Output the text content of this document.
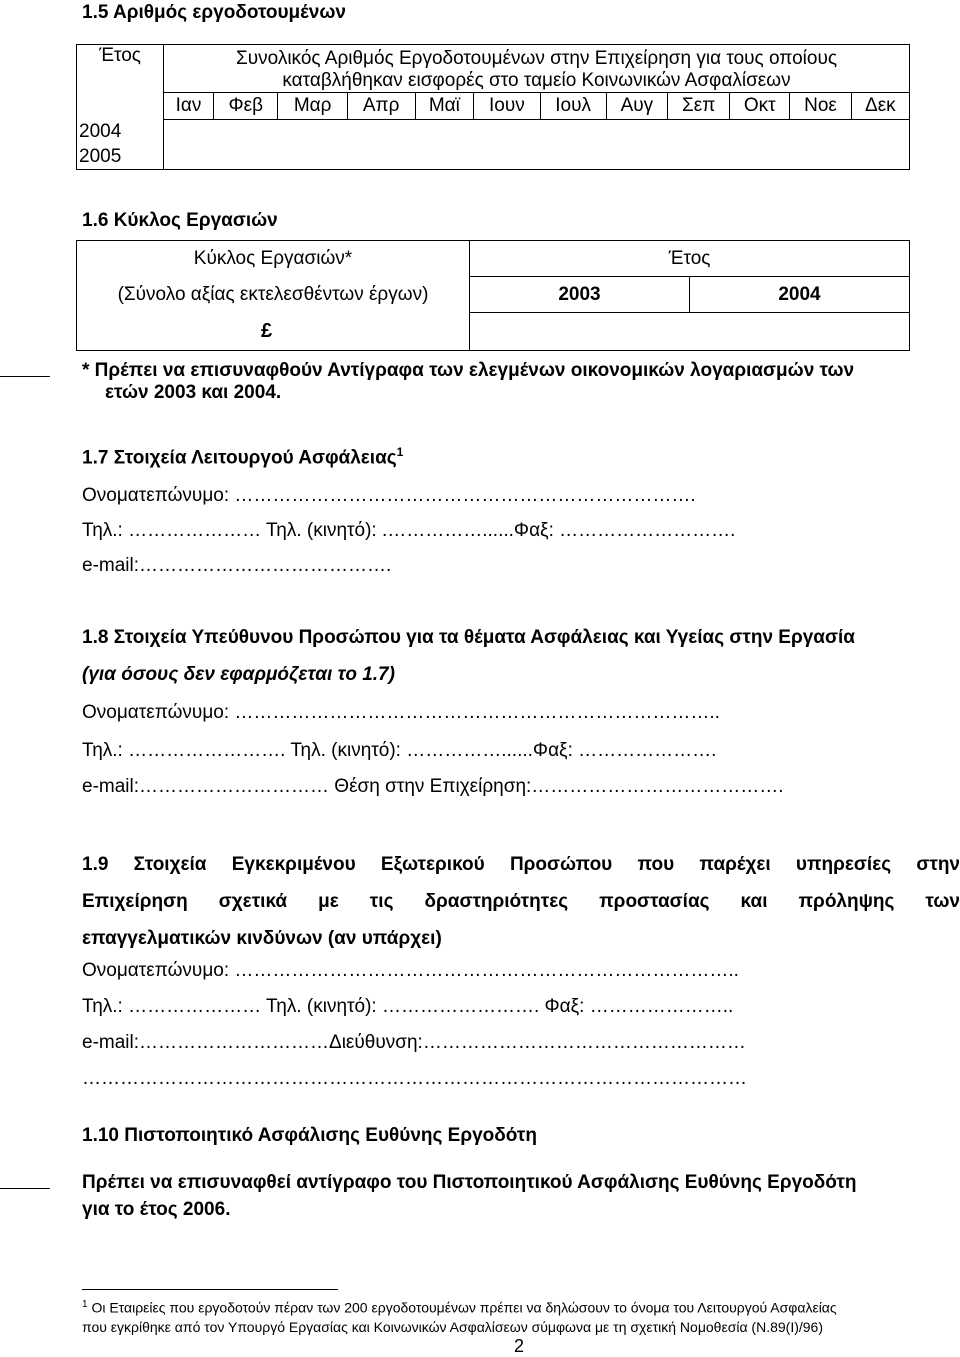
1.5 Αριθμός εργοδοτουμένων
Έτος	Συνολικός Αριθμός Εργοδοτουμένων στην Επιχείρηση για τους οποίους
καταβλήθηκαν εισφορές στο ταμείο Κοινωνικών Ασφαλίσεων											

	Ιαν	Φεβ	Μαρ	Απρ	Μαϊ	Ιουν	Ιουλ	Αυγ	Σεπ	Οκτ	Νοε	Δεκ
2004												
2005												
1.6 Κύκλος Εργασιών
Κύκλος Εργασιών*	Έτος	
(Σύνολο αξίας εκτελεσθέντων έργων)	2003	2004
£		
* Πρέπει να επισυναφθούν Αντίγραφα των ελεγμένων οικονομικών λογαριασμών των
ετών 2003 και 2004.
1.7 Στοιχεία Λειτουργού Ασφάλειας$^1$
Ονοματεπώνυμο: ……………………………………………………………….
Τηλ.: ………………… Τηλ. (κινητό): .……………......Φαξ: ……………………….
e-mail:………………………………….
1.8 Στοιχεία Υπεύθυνου Προσώπου για τα θέματα Ασφάλειας και Υγείας στην Εργασία
(για όσους δεν εφαρμόζεται το 1.7)
Ονοματεπώνυμο: …………………………………………………………………..
Τηλ.: ……………………. Τηλ. (κινητό): ……………......Φαξ: ………………….
e-mail:………………………… Θέση στην Επιχείρηση:………………………………….
1.9 Στοιχεία Εγκεκριμένου Εξωτερικού Προσώπου που παρέχει υπηρεσίες στην
Επιχείρηση σχετικά με τις δραστηριότητες προστασίας και πρόληψης των
επαγγελματικών κινδύνων (αν υπάρχει)
Ονοματεπώνυμο: ……………………………………………………………………..
Τηλ.: ………………… Τηλ. (κινητό): ……………………. Φαξ: …………………..
e-mail:…………………………Διεύθυνση:……………………………………………
……………………………………………………………………………………………
1.10 Πιστοποιητικό Ασφάλισης Ευθύνης Εργοδότη
Πρέπει να επισυναφθεί αντίγραφο του Πιστοποιητικού Ασφάλισης Ευθύνης Εργοδότη
για το έτος 2006.
$^1$ Οι Εταιρείες που εργοδοτούν πέραν των 200 εργοδοτουμένων πρέπει να δηλώσουν το όνομα του Λειτουργού Ασφαλείας
που εγκρίθηκε από τον Υπουργό Εργασίας και Κοινωνικών Ασφαλίσεων σύμφωνα με τη σχετική Νομοθεσία (Ν.89(Ι)/96)
2
